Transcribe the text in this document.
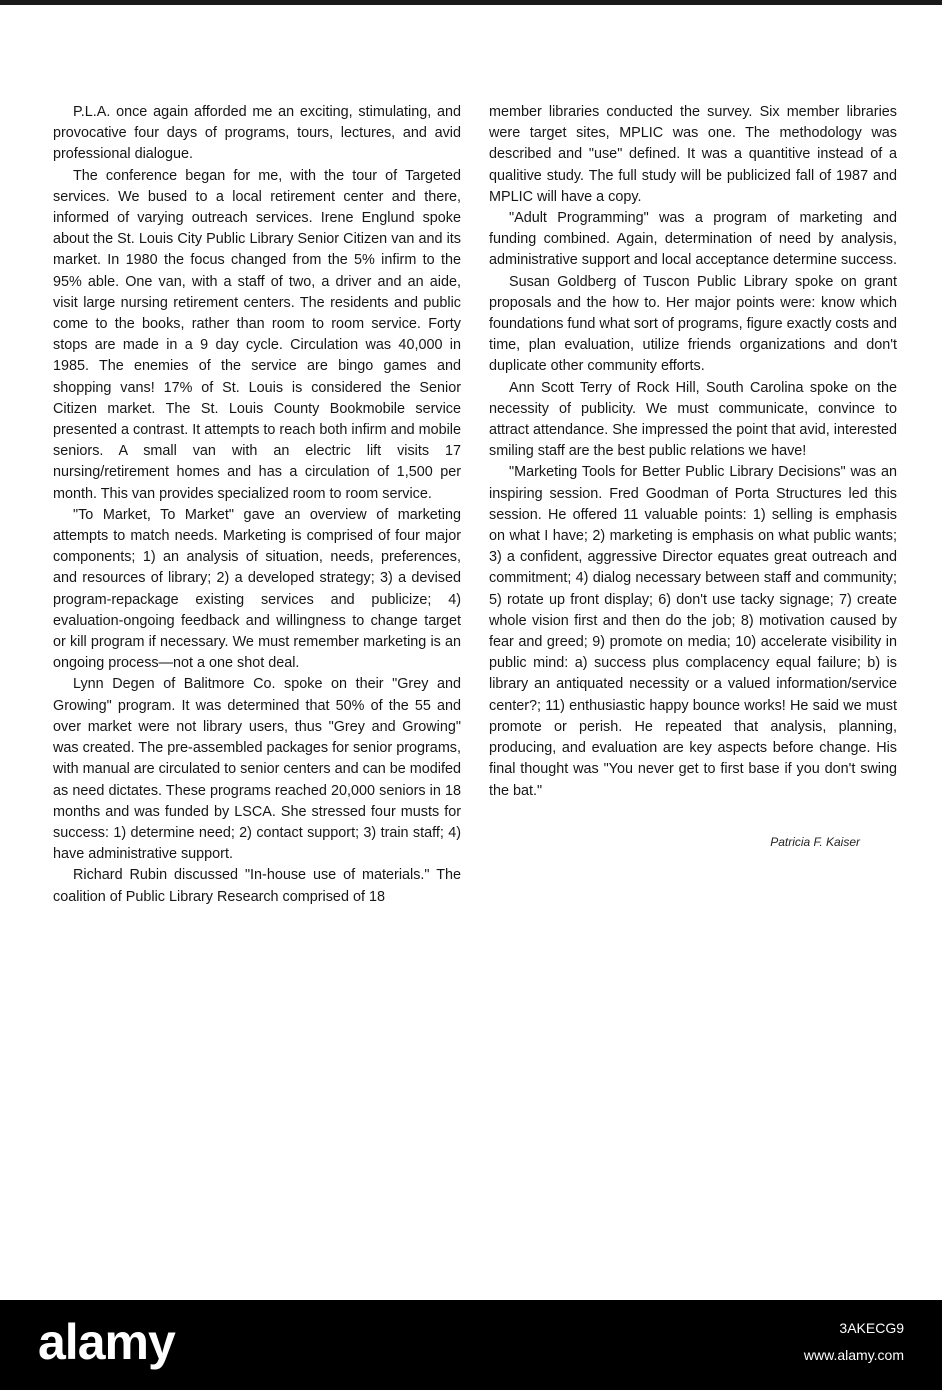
P.L.A. once again afforded me an exciting, stimulating, and provocative four days of programs, tours, lectures, and avid professional dialogue.

The conference began for me, with the tour of Targeted services. We bused to a local retirement center and there, informed of varying outreach services. Irene Englund spoke about the St. Louis City Public Library Senior Citizen van and its market. In 1980 the focus changed from the 5% infirm to the 95% able. One van, with a staff of two, a driver and an aide, visit large nursing retirement centers. The residents and public come to the books, rather than room to room service. Forty stops are made in a 9 day cycle. Circulation was 40,000 in 1985. The enemies of the service are bingo games and shopping vans! 17% of St. Louis is considered the Senior Citizen market. The St. Louis County Bookmobile service presented a contrast. It attempts to reach both infirm and mobile seniors. A small van with an electric lift visits 17 nursing/retirement homes and has a circulation of 1,500 per month. This van provides specialized room to room service.

"To Market, To Market" gave an overview of marketing attempts to match needs. Marketing is comprised of four major components; 1) an analysis of situation, needs, preferences, and resources of library; 2) a developed strategy; 3) a devised program-repackage existing services and publicize; 4) evaluation-ongoing feedback and willingness to change target or kill program if necessary. We must remember marketing is an ongoing process—not a one shot deal.

Lynn Degen of Balitmore Co. spoke on their "Grey and Growing" program. It was determined that 50% of the 55 and over market were not library users, thus "Grey and Growing" was created. The pre-assembled packages for senior programs, with manual are circulated to senior centers and can be modifed as need dictates. These programs reached 20,000 seniors in 18 months and was funded by LSCA. She stressed four musts for success: 1) determine need; 2) contact support; 3) train staff; 4) have administrative support.

Richard Rubin discussed "In-house use of materials." The coalition of Public Library Research comprised of 18

member libraries conducted the survey. Six member libraries were target sites, MPLIC was one. The methodology was described and "use" defined. It was a quantitive instead of a qualitive study. The full study will be publicized fall of 1987 and MPLIC will have a copy.

"Adult Programming" was a program of marketing and funding combined. Again, determination of need by analysis, administrative support and local acceptance determine success.

Susan Goldberg of Tuscon Public Library spoke on grant proposals and the how to. Her major points were: know which foundations fund what sort of programs, figure exactly costs and time, plan evaluation, utilize friends organizations and don't duplicate other community efforts.

Ann Scott Terry of Rock Hill, South Carolina spoke on the necessity of publicity. We must communicate, convince to attract attendance. She impressed the point that avid, interested smiling staff are the best public relations we have!

"Marketing Tools for Better Public Library Decisions" was an inspiring session. Fred Goodman of Porta Structures led this session. He offered 11 valuable points: 1) selling is emphasis on what I have; 2) marketing is emphasis on what public wants; 3) a confident, aggressive Director equates great outreach and commitment; 4) dialog necessary between staff and community; 5) rotate up front display; 6) don't use tacky signage; 7) create whole vision first and then do the job; 8) motivation caused by fear and greed; 9) promote on media; 10) accelerate visibility in public mind: a) success plus complacency equal failure; b) is library an antiquated necessity or a valued information/service center?; 11) enthusiastic happy bounce works! He said we must promote or perish. He repeated that analysis, planning, producing, and evaluation are key aspects before change. His final thought was "You never get to first base if you don't swing the bat."

Patricia F. Kaiser
alamy	3AKECG9
www.alamy.com
